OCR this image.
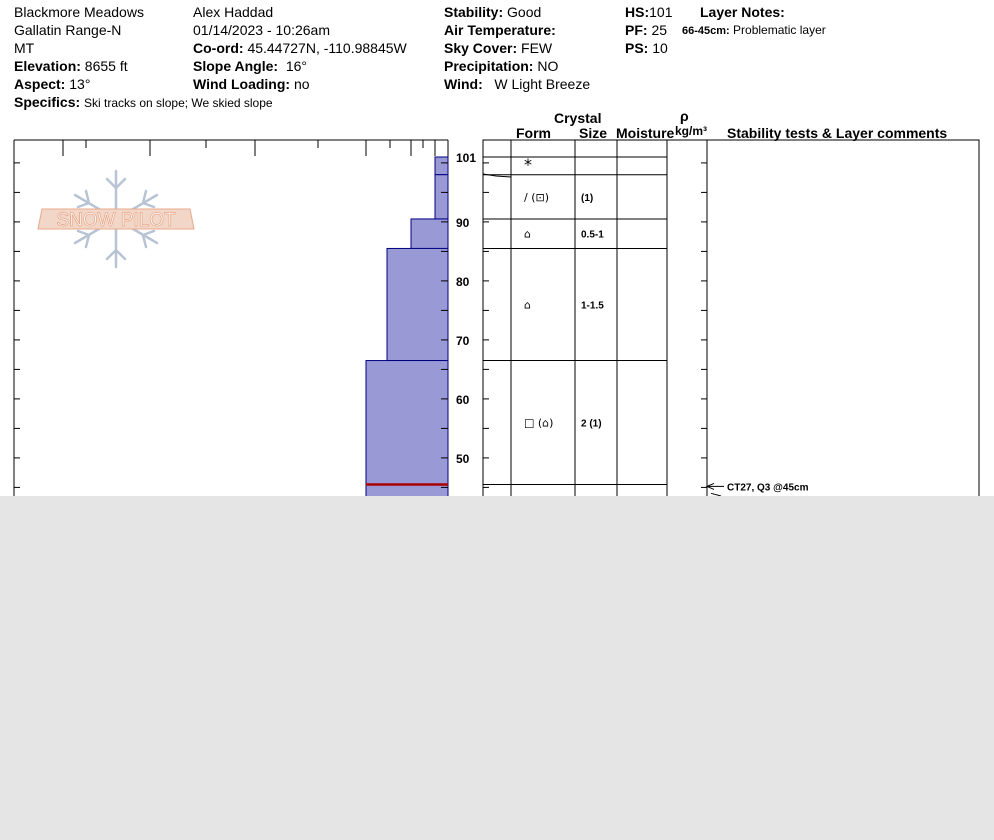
Blackmore Meadows
Gallatin Range-N
MT
Elevation: 8655 ft
Aspect: 13°
Specifics: Ski tracks on slope; We skied slope
Alex Haddad
01/14/2023 - 10:26am
Co-ord: 45.44727N, -110.98845W
Slope Angle: 16°
Wind Loading: no
Stability: Good
Air Temperature:
Sky Cover: FEW
Precipitation: NO
Wind: W Light Breeze
HS:101
PF: 25
PS: 10
Layer Notes:
66-45cm: Problematic layer
Crystal
Form Size Moisture
ρ
kg/m³ Stability tests & Layer comments
SNOW PILOT
101
90
80
70
60
50
*
/ (⊡)	(1)
⌂	0.5-1
⌂	1-1.5
□ (⌂)	2 (1)
CT27, Q3 @45cm
